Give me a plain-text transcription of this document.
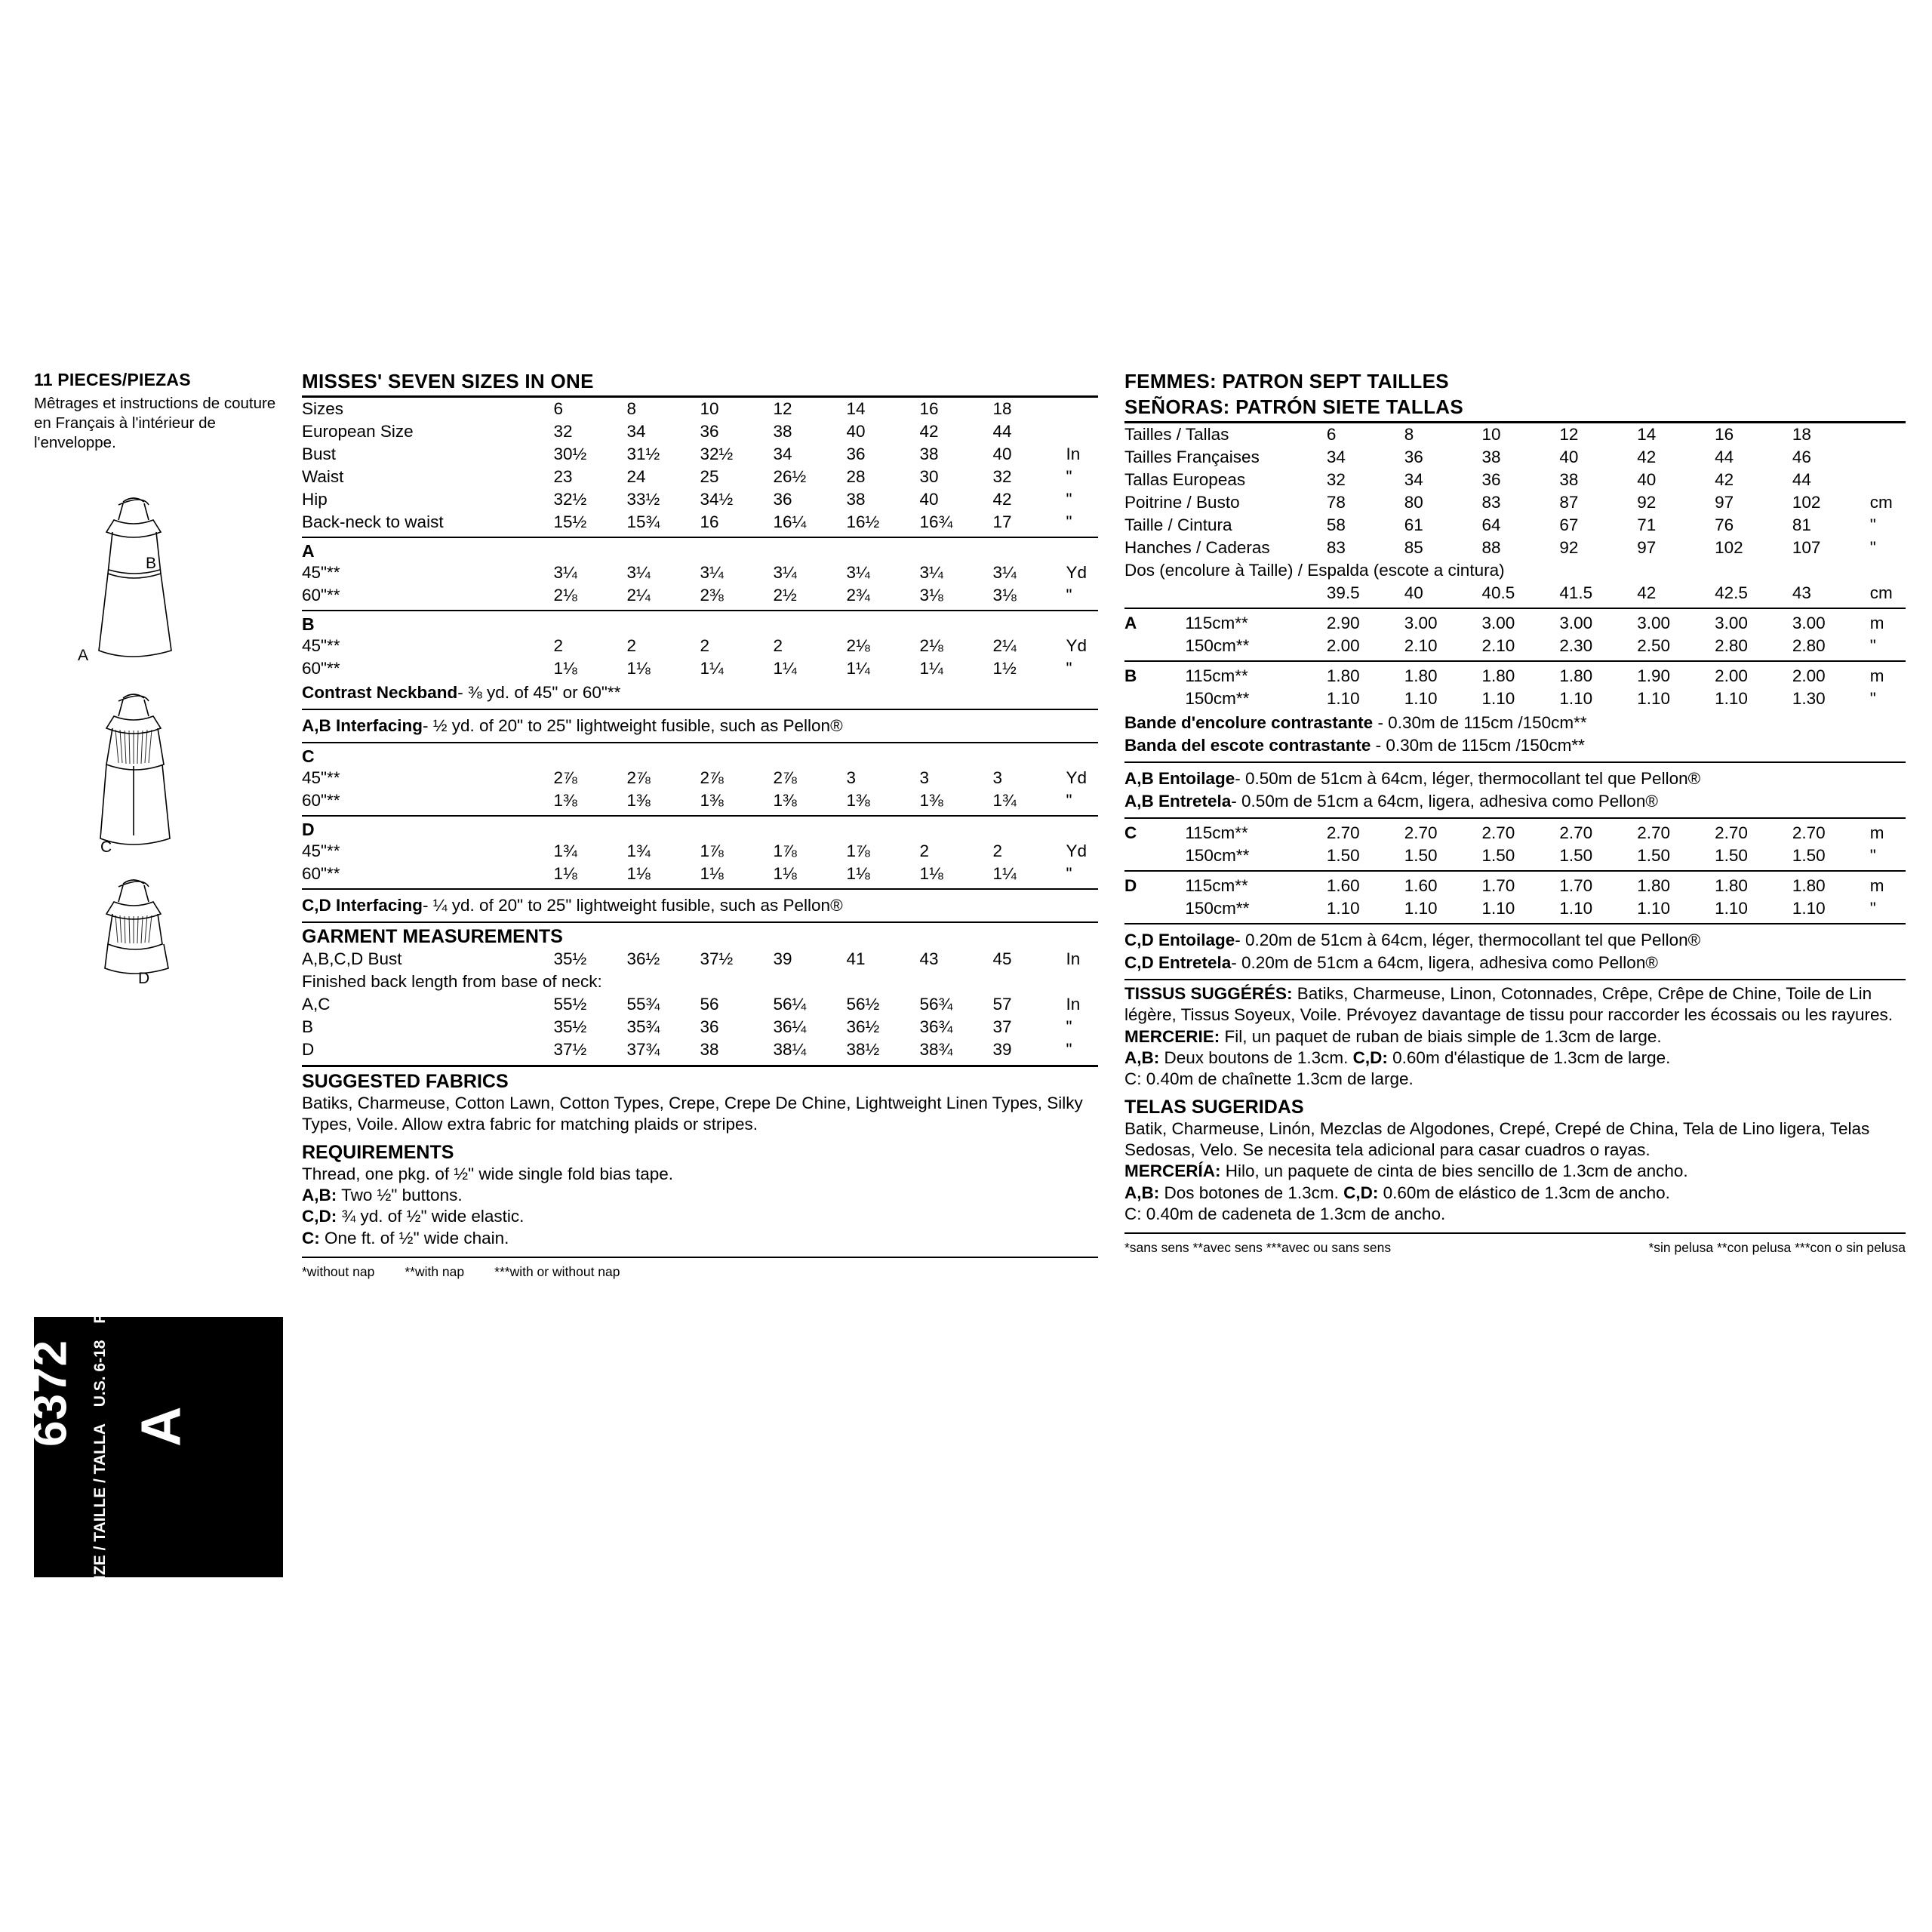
11 PIECES/PIEZAS
Mêtrages et instructions de couture en Français à l'intérieur de l'enveloppe.
B
A
C
D
6372
SIZE / TAILLE / TALLA U.S. 6-18 FR. 34-46 EURO. 32-44
A
MISSES' SEVEN SIZES IN ONE
Sizes	6	8	10	12	14	16	18	
European Size	32	34	36	38	40	42	44	
Bust	30½	31½	32½	34	36	38	40	In
Waist	23	24	25	26½	28	30	32	"
Hip	32½	33½	34½	36	38	40	42	"
Back-neck to waist	15½	15¾	16	16¼	16½	16¾	17	"
A
45"**	3¼	3¼	3¼	3¼	3¼	3¼	3¼	Yd
60"**	2⅛	2¼	2⅜	2½	2¾	3⅛	3⅛	"
B
45"**	2	2	2	2	2⅛	2⅛	2¼	Yd
60"**	1⅛	1⅛	1¼	1¼	1¼	1¼	1½	"
Contrast Neckband- ⅜ yd. of 45" or 60"**
A,B Interfacing- ½ yd. of 20" to 25" lightweight fusible, such as Pellon®
C
45"**	2⅞	2⅞	2⅞	2⅞	3	3	3	Yd
60"**	1⅜	1⅜	1⅜	1⅜	1⅜	1⅜	1¾	"
D
45"**	1¾	1¾	1⅞	1⅞	1⅞	2	2	Yd
60"**	1⅛	1⅛	1⅛	1⅛	1⅛	1⅛	1¼	"
C,D Interfacing- ¼ yd. of 20" to 25" lightweight fusible, such as Pellon®
GARMENT MEASUREMENTS
A,B,C,D Bust	35½	36½	37½	39	41	43	45	In
Finished back length from base of neck:								
A,C	55½	55¾	56	56¼	56½	56¾	57	In
B	35½	35¾	36	36¼	36½	36¾	37	"
D	37½	37¾	38	38¼	38½	38¾	39	"
SUGGESTED FABRICS
Batiks, Charmeuse, Cotton Lawn, Cotton Types, Crepe, Crepe De Chine, Lightweight Linen Types, Silky Types, Voile. Allow extra fabric for matching plaids or stripes.
REQUIREMENTS
Thread, one pkg. of ½" wide single fold bias tape.
A,B: Two ½" buttons.
C,D: ¾ yd. of ½" wide elastic.
C: One ft. of ½" wide chain.
*without nap **with nap ***with or without nap
FEMMES: PATRON SEPT TAILLES
SEÑORAS: PATRÓN SIETE TALLAS
Tailles / Tallas	6	8	10	12	14	16	18	
Tailles Françaises	34	36	38	40	42	44	46	
Tallas Europeas	32	34	36	38	40	42	44	
Poitrine / Busto	78	80	83	87	92	97	102	cm
Taille / Cintura	58	61	64	67	71	76	81	"
Hanches / Caderas	83	85	88	92	97	102	107	"
Dos (encolure à Taille) / Espalda (escote a cintura)								
	39.5	40	40.5	41.5	42	42.5	43	cm
A	115cm**	2.90	3.00	3.00	3.00	3.00	3.00	3.00	m
	150cm**	2.00	2.10	2.10	2.30	2.50	2.80	2.80	"
B	115cm**	1.80	1.80	1.80	1.80	1.90	2.00	2.00	m
	150cm**	1.10	1.10	1.10	1.10	1.10	1.10	1.30	"
Bande d'encolure contrastante - 0.30m de 115cm /150cm**
Banda del escote contrastante - 0.30m de 115cm /150cm**
A,B Entoilage- 0.50m de 51cm à 64cm, léger, thermocollant tel que Pellon®
A,B Entretela- 0.50m de 51cm a 64cm, ligera, adhesiva como Pellon®
C	115cm**	2.70	2.70	2.70	2.70	2.70	2.70	2.70	m
	150cm**	1.50	1.50	1.50	1.50	1.50	1.50	1.50	"
D	115cm**	1.60	1.60	1.70	1.70	1.80	1.80	1.80	m
	150cm**	1.10	1.10	1.10	1.10	1.10	1.10	1.10	"
C,D Entoilage- 0.20m de 51cm à 64cm, léger, thermocollant tel que Pellon®
C,D Entretela- 0.20m de 51cm a 64cm, ligera, adhesiva como Pellon®
TISSUS SUGGÉRÉS: Batiks, Charmeuse, Linon, Cotonnades, Crêpe, Crêpe de Chine, Toile de Lin légère, Tissus Soyeux, Voile. Prévoyez davantage de tissu pour raccorder les écossais ou les rayures.
MERCERIE: Fil, un paquet de ruban de biais simple de 1.3cm de large.
A,B: Deux boutons de 1.3cm. C,D: 0.60m d'élastique de 1.3cm de large.
C: 0.40m de chaînette 1.3cm de large.
TELAS SUGERIDAS
Batik, Charmeuse, Linón, Mezclas de Algodones, Crepé, Crepé de China, Tela de Lino ligera, Telas Sedosas, Velo. Se necesita tela adicional para casar cuadros o rayas.
MERCERÍA: Hilo, un paquete de cinta de bies sencillo de 1.3cm de ancho.
A,B: Dos botones de 1.3cm. C,D: 0.60m de elástico de 1.3cm de ancho.
C: 0.40m de cadeneta de 1.3cm de ancho.
*sans sens **avec sens ***avec ou sans sens	*sin pelusa **con pelusa ***con o sin pelusa
